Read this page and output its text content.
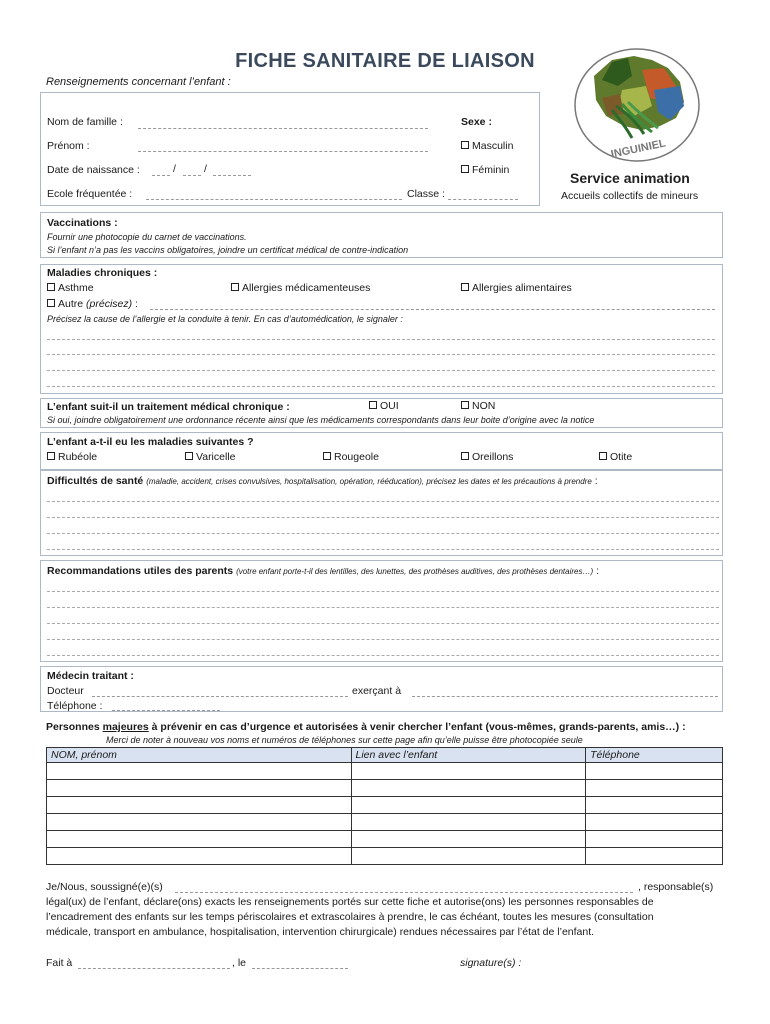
FICHE SANITAIRE DE LIAISON
Renseignements concernant l’enfant :
INGUINIEL
Service animation
Accueils collectifs de mineurs
Nom de famille :
Prénom :
Date de naissance :	/	/
Ecole fréquentée :	Classe :
Sexe :
Masculin
Féminin
Vaccinations :
Fournir une photocopie du carnet de vaccinations.
Si l’enfant n’a pas les vaccins obligatoires, joindre un certificat médical de contre-indication
Maladies chroniques :
Asthme	Allergies médicamenteuses	Allergies alimentaires
Autre (précisez) :
Précisez la cause de l’allergie et la conduite à tenir. En cas d’automédication, le signaler :
L’enfant suit-il un traitement médical chronique :	OUI	NON
Si oui, joindre obligatoirement une ordonnance récente ainsi que les médicaments correspondants dans leur boite d’origine avec la notice
L’enfant a-t-il eu les maladies suivantes ?
Rubéole	Varicelle	Rougeole	Oreillons	Otite
Difficultés de santé (maladie, accident, crises convulsives, hospitalisation, opération, rééducation), précisez les dates et les précautions à prendre :
Recommandations utiles des parents (votre enfant porte-t-il des lentilles, des lunettes, des prothèses auditives, des prothèses dentaires…) :
Médecin traitant :
Docteur	exerçant à
Téléphone :
Personnes majeures à prévenir en cas d’urgence et autorisées à venir chercher l’enfant (vous-mêmes, grands-parents, amis…) :
Merci de noter à nouveau vos noms et numéros de téléphones sur cette page afin qu’elle puisse être photocopiée seule
NOM, prénom	Lien avec l’enfant	Téléphone

Je/Nous, soussigné(e)(s)	, responsable(s)
légal(ux) de l’enfant, déclare(ons) exacts les renseignements portés sur cette fiche et autorise(ons) les personnes responsables de
l’encadrement des enfants sur les temps périscolaires et extrascolaires à prendre, le cas échéant, toutes les mesures (consultation
médicale, transport en ambulance, hospitalisation, intervention chirurgicale) rendues nécessaires par l’état de l’enfant.
Fait à	, le	signature(s) :
